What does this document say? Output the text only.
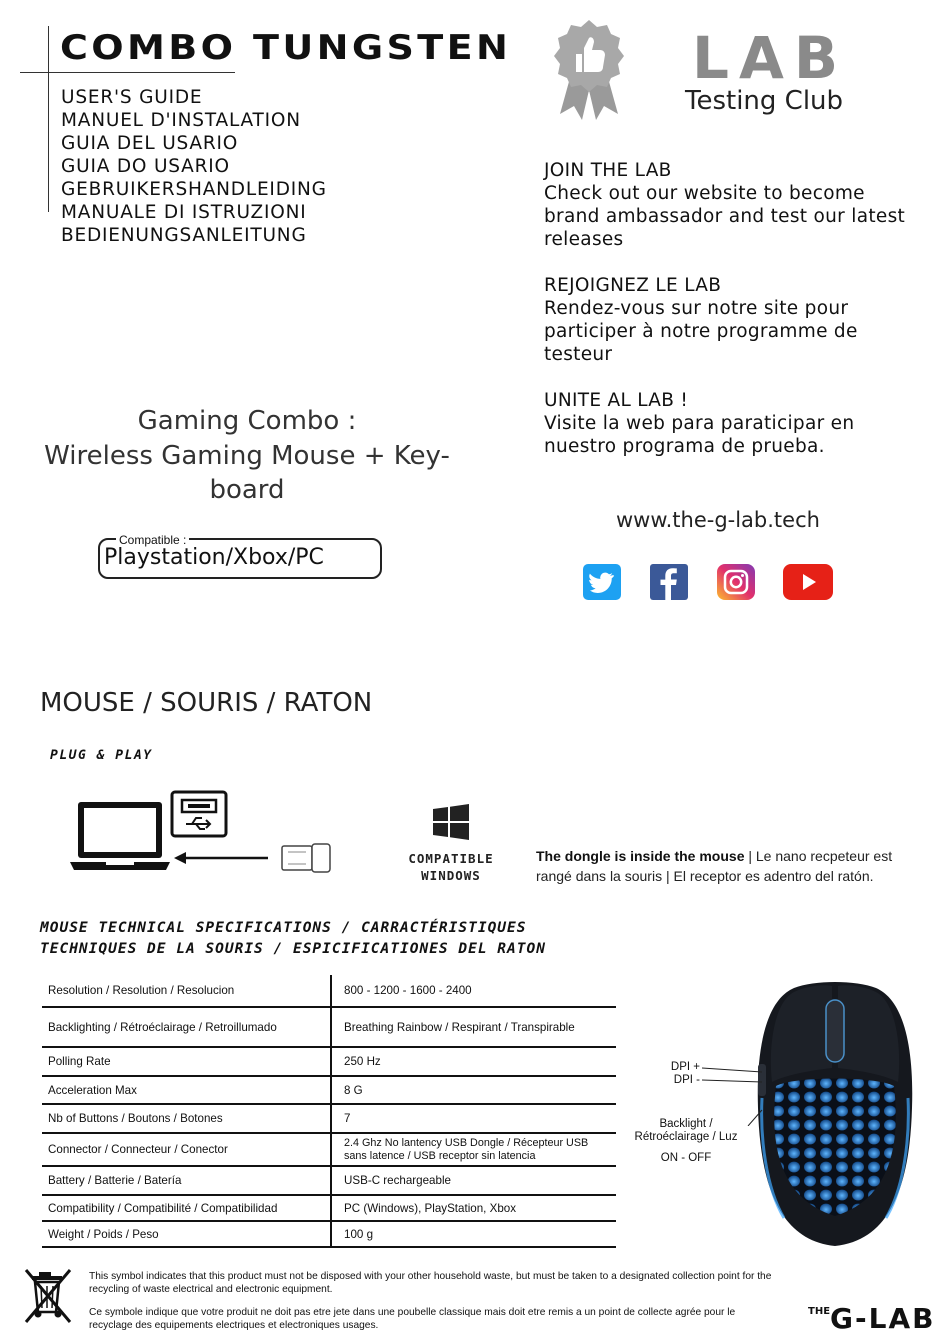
COMBO TUNGSTEN
USER'S GUIDE
MANUEL D'INSTALATION
GUIA DEL USARIO
GUIA DO USARIO
GEBRUIKERSHANDLEIDING
MANUALE DI ISTRUZIONI
BEDIENUNGSANLEITUNG
Gaming Combo :
Wireless Gaming Mouse + Key-
board
Compatible :
Playstation/Xbox/PC
LAB
Testing Club
JOIN THE LAB
Check out our website to become brand ambassador and test our latest releases
REJOIGNEZ LE LAB
Rendez-vous sur notre site pour participer à notre programme de testeur
UNITE AL LAB !
Visite la web para paraticipar en nuestro programa de prueba.
www.the-g-lab.tech
MOUSE / SOURIS / RATON
PLUG & PLAY
COMPATIBLE
WINDOWS
The dongle is inside the mouse | Le nano recpeteur est rangé dans la souris | El receptor es adentro del ratón.
MOUSE TECHNICAL SPECIFICATIONS / CARRACTÉRISTIQUES
TECHNIQUES DE LA SOURIS / ESPICIFICATIONES DEL RATON
Resolution / Resolution / Resolucion	800 - 1200 - 1600 - 2400
Backlighting / Rétroéclairage / Retroillumado	Breathing Rainbow / Respirant / Transpirable
Polling Rate	250 Hz
Acceleration Max	8 G
Nb of Buttons / Boutons / Botones	7
Connector / Connecteur / Conector	2.4 Ghz No lantency USB Dongle / Récepteur USB sans latence / USB receptor sin latencia
Battery / Batterie / Batería	USB-C rechargeable
Compatibility / Compatibilité / Compatibilidad	PC (Windows), PlayStation, Xbox
Weight / Poids / Peso	100 g
DPI +
DPI -
Backlight /
Rétroéclairage / Luz
ON - OFF
This symbol indicates that this product must not be disposed with your other household waste, but must be taken to a designated collection point for the recycling of waste electrical and electronic equipment.
Ce symbole indique que votre produit ne doit pas etre jete dans une poubelle classique mais doit etre remis a un point de collecte agrée pour le recyclage des equipements electriques et electroniques usages.
$^{THE}$G-LAB
